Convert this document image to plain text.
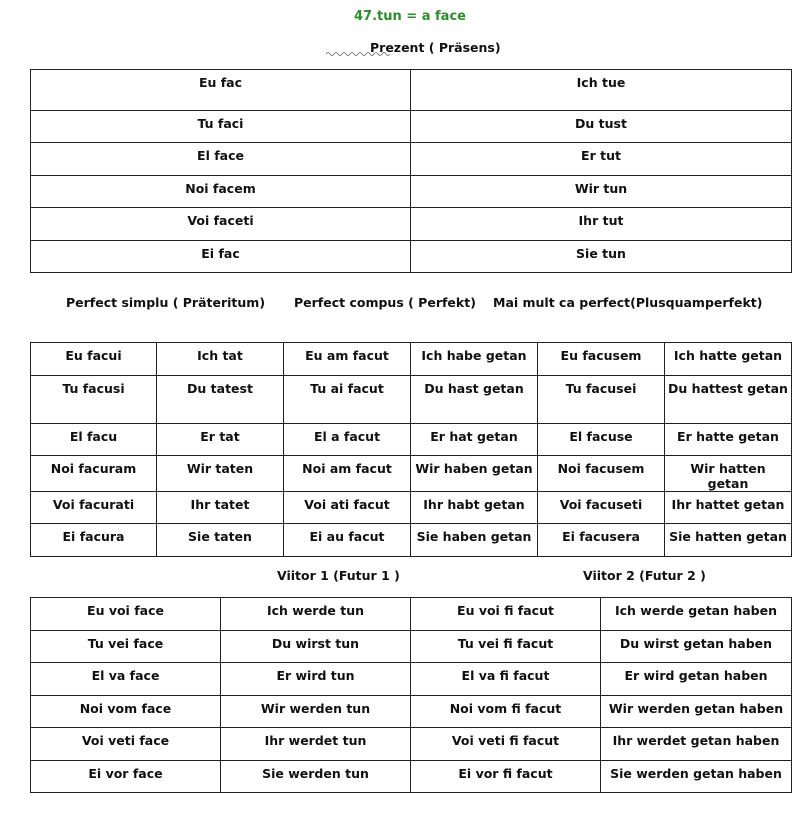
47.tun = a face
Prezent ( Präsens)
Eu fac	Ich tue
Tu faci	Du tust
El face	Er tut
Noi facem	Wir tun
Voi faceti	Ihr tut
Ei fac	Sie tun
Perfect simplu ( Präteritum) Perfect compus ( Perfekt) Mai mult ca perfect(Plusquamperfekt)
Eu facui	Ich tat	Eu am facut	Ich habe getan	Eu facusem	Ich hatte getan
Tu facusi	Du tatest	Tu ai facut	Du hast getan	Tu facusei	Du hattest getan
El facu	Er tat	El a facut	Er hat getan	El facuse	Er hatte getan
Noi facuram	Wir taten	Noi am facut	Wir haben getan	Noi facusem	Wir hatten getan
Voi facurati	Ihr tatet	Voi ati facut	Ihr habt getan	Voi facuseti	Ihr hattet getan
Ei facura	Sie taten	Ei au facut	Sie haben getan	Ei facusera	Sie hatten getan
Viitor 1 (Futur 1 )	Viitor 2 (Futur 2 )
Eu voi face	Ich werde tun	Eu voi fi facut	Ich werde getan haben
Tu vei face	Du wirst tun	Tu vei fi facut	Du wirst getan haben
El va face	Er wird tun	El va fi facut	Er wird getan haben
Noi vom face	Wir werden tun	Noi vom fi facut	Wir werden getan haben
Voi veti face	Ihr werdet tun	Voi veti fi facut	Ihr werdet getan haben
Ei vor face	Sie werden tun	Ei vor fi facut	Sie werden getan haben
